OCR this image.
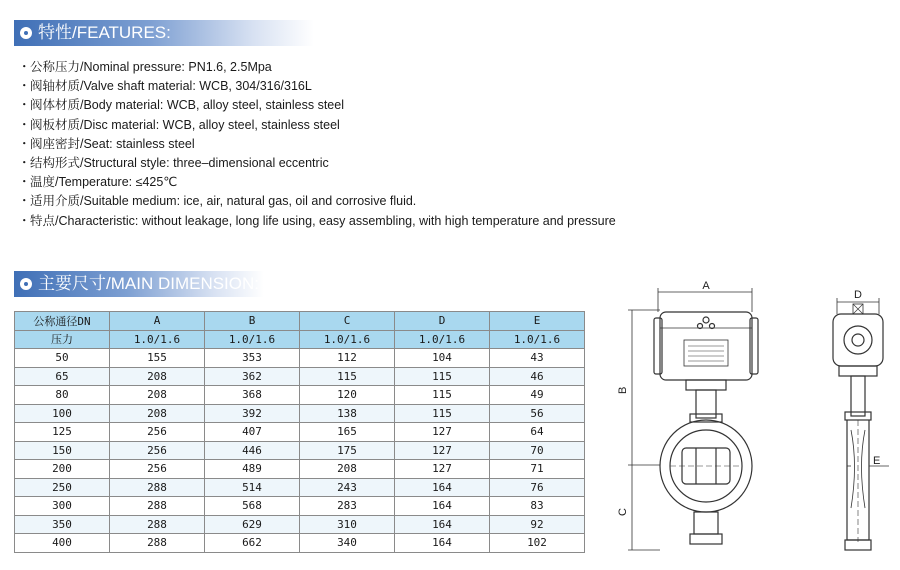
特性/FEATURES:
・公称压力/Nominal pressure: PN1.6, 2.5Mpa
・阀轴材质/Valve shaft material: WCB, 304/316/316L
・阀体材质/Body material: WCB, alloy steel, stainless steel
・阀板材质/Disc material: WCB, alloy steel, stainless steel
・阀座密封/Seat: stainless steel
・结构形式/Structural style: three–dimensional eccentric
・温度/Temperature: ≤425℃
・适用介质/Suitable medium: ice, air, natural gas, oil and corrosive fluid.
・特点/Characteristic: without leakage, long life using, easy assembling, with high temperature and pressure
主要尺寸/MAIN DIMENSION:
公称通径DN	A	B	C	D	E
压力	1.0/1.6	1.0/1.6	1.0/1.6	1.0/1.6	1.0/1.6
50	155	353	112	104	43
65	208	362	115	115	46
80	208	368	120	115	49
100	208	392	138	115	56
125	256	407	165	127	64
150	256	446	175	127	70
200	256	489	208	127	71
250	288	514	243	164	76
300	288	568	283	164	83
350	288	629	310	164	92
400	288	662	340	164	102
A
B
C
D
E
